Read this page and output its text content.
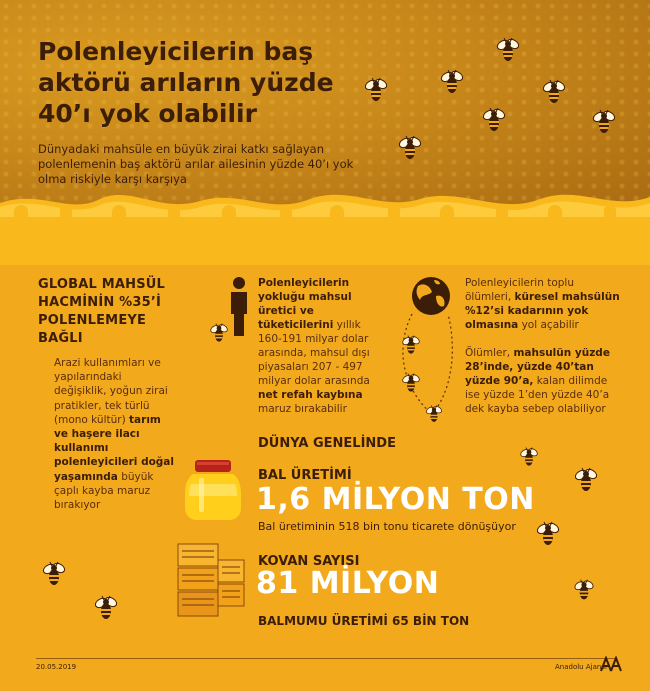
Polenleyicilerin baş aktörü arıların yüzde 40’ı yok olabilir

Dünyadaki mahsüle en büyük zirai katkı sağlayan polenlemenin baş aktörü arılar ailesinin yüzde 40’ı yok olma riskiyle karşı karşıya

GLOBAL MAHSÜL HACMİNİN %35’İ POLENLEMEYE BAĞLI
Arazi kullanımları ve yapılarındaki değişiklik, yoğun zirai pratikler, tek türlü (mono kültür) tarım ve haşere ilacı kullanımı polenleyicileri doğal yaşamında büyük çaplı kayba maruz bırakıyor
Polenleyicilerin yokluğu mahsul üretici ve tüketicilerini yıllık 160-191 milyar dolar arasında, mahsul dışı piyasaları 207 - 497 milyar dolar arasında net refah kaybına maruz bırakabilir
Polenleyicilerin toplu ölümleri, küresel mahsülün %12’si kadarının yok olmasına yol açabilir
Ölümler, mahsulün yüzde 28’inde, yüzde 40’tan yüzde 90’a, kalan dilimde ise yüzde 1’den yüzde 40’a dek kayba sebep olabiliyor
DÜNYA GENELİNDE
BAL ÜRETİMİ
1,6 MİLYON TON
Bal üretiminin 518 bin tonu ticarete dönüşüyor
KOVAN SAYISI
81 MİLYON
BALMUMU ÜRETİMİ 65 BİN TON
20.05.2019	Anadolu Ajansı
